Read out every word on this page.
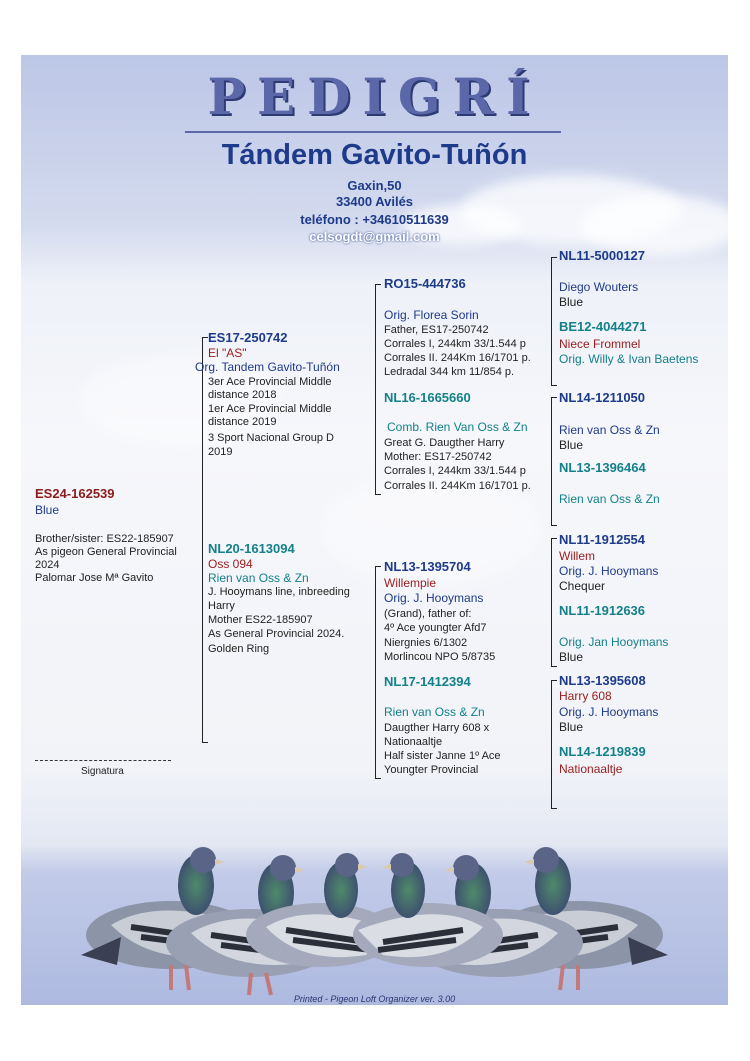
PEDIGRÍ
Tándem Gavito-Tuñón
Gaxin,50
33400 Avilés
teléfono : +34610511639
celsogdt@gmail.com
ES24-162539
Blue
Brother/sister: ES22-185907
As pigeon General Provincial
2024
Palomar Jose Mª Gavito
ES17-250742
El "AS"
Org. Tandem Gavito-Tuñón
3er Ace Provincial Middle
distance 2018
1er Ace Provincial Middle
distance 2019
3 Sport Nacional Group D
2019
NL20-1613094
Oss 094
Rien van Oss & Zn
J. Hooymans line, inbreeding
Harry
Mother ES22-185907
As General Provincial 2024.
Golden Ring
RO15-444736
Orig. Florea Sorin
Father, ES17-250742
Corrales I, 244km 33/1.544 p
Corrales II. 244Km 16/1701 p.
Ledradal 344 km 11/854 p.
NL16-1665660
Comb. Rien Van Oss & Zn
Great G. Daugther Harry
Mother: ES17-250742
Corrales I, 244km 33/1.544 p
Corrales II. 244Km 16/1701 p.
NL13-1395704
Willempie
Orig. J. Hooymans
(Grand), father of:
4º Ace youngter Afd7
Niergnies 6/1302
Morlincou NPO 5/8735
NL17-1412394
Rien van Oss & Zn
Daugther Harry 608 x
Nationaaltje
Half sister Janne 1º Ace
Youngter Provincial
NL11-5000127
Diego Wouters
Blue
BE12-4044271
Niece Frommel
Orig. Willy & Ivan Baetens
NL14-1211050
Rien van Oss & Zn
Blue
NL13-1396464
Rien van Oss & Zn
NL11-1912554
Willem
Orig. J. Hooymans
Chequer
NL11-1912636
Orig. Jan Hooymans
Blue
NL13-1395608
Harry 608
Orig. J. Hooymans
Blue
NL14-1219839
Nationaaltje
Signatura
Printed - Pigeon Loft Organizer ver. 3.00
